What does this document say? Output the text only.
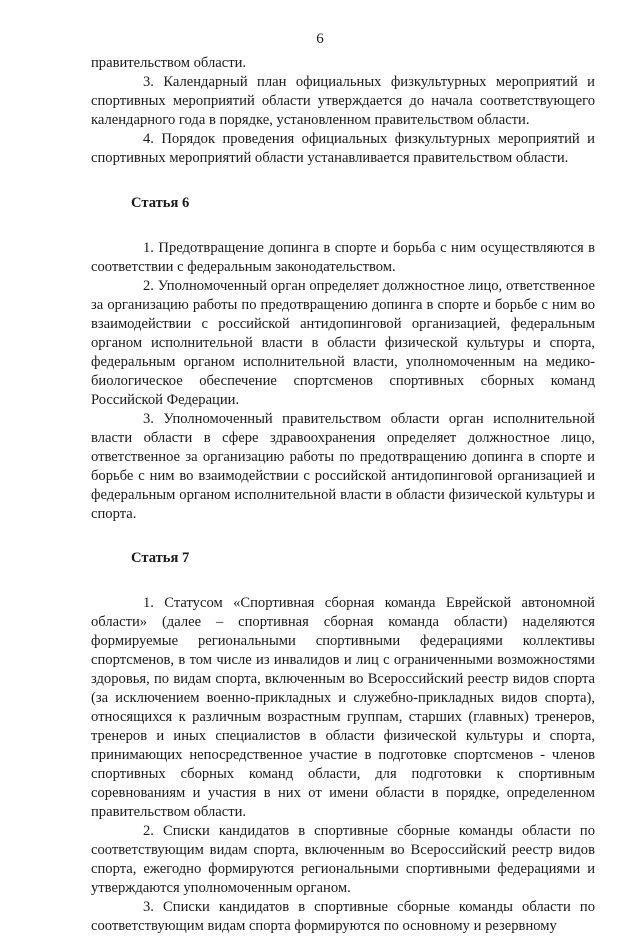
6

правительством области.

3. Календарный план официальных физкультурных мероприятий и спортивных мероприятий области утверждается до начала соответствующего календарного года в порядке, установленном правительством области.

4. Порядок проведения официальных физкультурных мероприятий и спортивных мероприятий области устанавливается правительством области.

Статья 6

1. Предотвращение допинга в спорте и борьба с ним осуществляются в соответствии с федеральным законодательством.

2. Уполномоченный орган определяет должностное лицо, ответственное за организацию работы по предотвращению допинга в спорте и борьбе с ним во взаимодействии с российской антидопинговой организацией, федеральным органом исполнительной власти в области физической культуры и спорта, федеральным органом исполнительной власти, уполномоченным на медико-биологическое обеспечение спортсменов спортивных сборных команд Российской Федерации.

3. Уполномоченный правительством области орган исполнительной власти области в сфере здравоохранения определяет должностное лицо, ответственное за организацию работы по предотвращению допинга в спорте и борьбе с ним во взаимодействии с российской антидопинговой организацией и федеральным органом исполнительной власти в области физической культуры и спорта.

Статья 7

1. Статусом «Спортивная сборная команда Еврейской автономной области» (далее – спортивная сборная команда области) наделяются формируемые региональными спортивными федерациями коллективы спортсменов, в том числе из инвалидов и лиц с ограниченными возможностями здоровья, по видам спорта, включенным во Всероссийский реестр видов спорта (за исключением военно-прикладных и служебно-прикладных видов спорта), относящихся к различным возрастным группам, старших (главных) тренеров, тренеров и иных специалистов в области физической культуры и спорта, принимающих непосредственное участие в подготовке спортсменов - членов спортивных сборных команд области, для подготовки к спортивным соревнованиям и участия в них от имени области в порядке, определенном правительством области.

2. Списки кандидатов в спортивные сборные команды области по соответствующим видам спорта, включенным во Всероссийский реестр видов спорта, ежегодно формируются региональными спортивными федерациями и утверждаются уполномоченным органом.

3. Списки кандидатов в спортивные сборные команды области по соответствующим видам спорта формируются по основному и резервному
